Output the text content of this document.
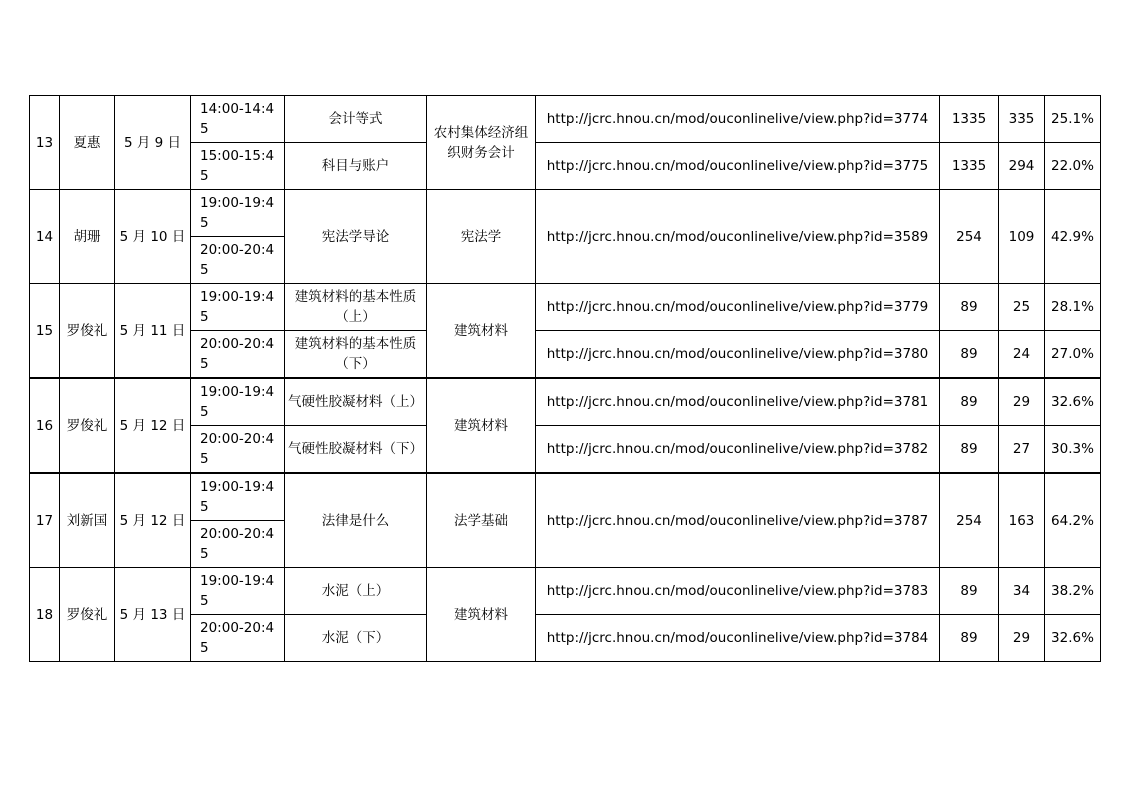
13	夏惠	5 月 9 日	14:00-14:45	会计等式	农村集体经济组织财务会计	http://jcrc.hnou.cn/mod/ouconlinelive/view.php?id=3774	1335	335	25.1%
			15:00-15:45	科目与账户		http://jcrc.hnou.cn/mod/ouconlinelive/view.php?id=3775	1335	294	22.0%
14	胡珊	5 月 10 日	19:00-19:45	宪法学导论	宪法学	http://jcrc.hnou.cn/mod/ouconlinelive/view.php?id=3589	254	109	42.9%
			20:00-20:45						
15	罗俊礼	5 月 11 日	19:00-19:45	建筑材料的基本性质（上）	建筑材料	http://jcrc.hnou.cn/mod/ouconlinelive/view.php?id=3779	89	25	28.1%
			20:00-20:45	建筑材料的基本性质（下）		http://jcrc.hnou.cn/mod/ouconlinelive/view.php?id=3780	89	24	27.0%
16	罗俊礼	5 月 12 日	19:00-19:45	气硬性胶凝材料（上）	建筑材料	http://jcrc.hnou.cn/mod/ouconlinelive/view.php?id=3781	89	29	32.6%
			20:00-20:45	气硬性胶凝材料（下）		http://jcrc.hnou.cn/mod/ouconlinelive/view.php?id=3782	89	27	30.3%
17	刘新国	5 月 12 日	19:00-19:45	法律是什么	法学基础	http://jcrc.hnou.cn/mod/ouconlinelive/view.php?id=3787	254	163	64.2%
			20:00-20:45						
18	罗俊礼	5 月 13 日	19:00-19:45	水泥（上）	建筑材料	http://jcrc.hnou.cn/mod/ouconlinelive/view.php?id=3783	89	34	38.2%
			20:00-20:45	水泥（下）		http://jcrc.hnou.cn/mod/ouconlinelive/view.php?id=3784	89	29	32.6%
